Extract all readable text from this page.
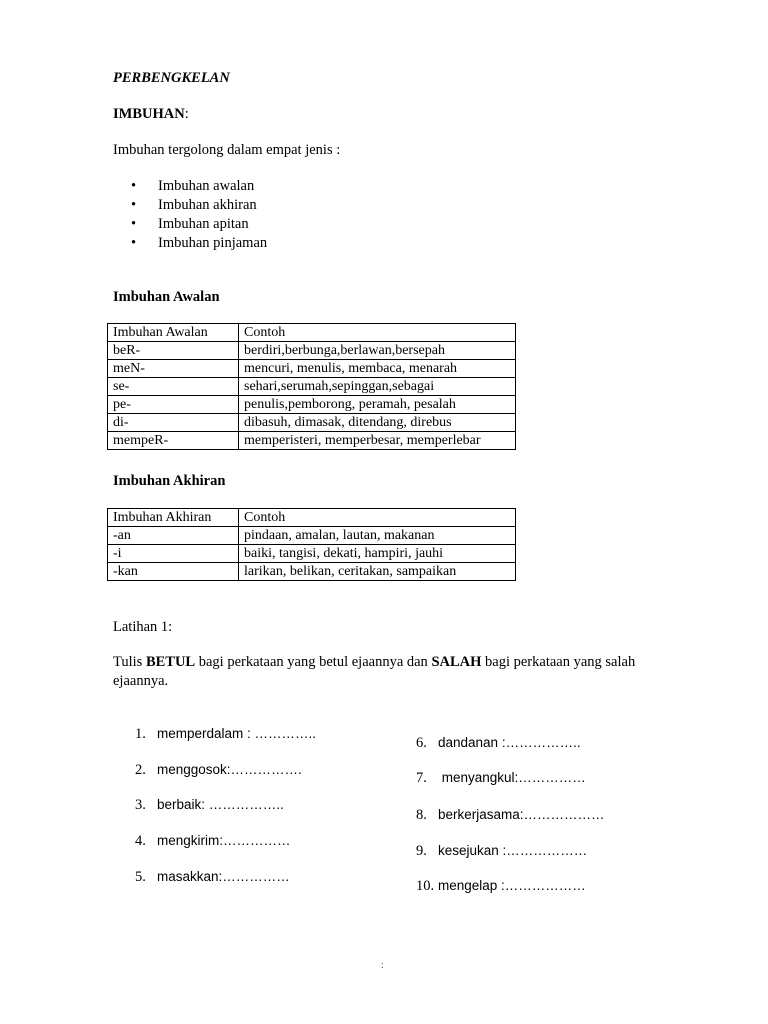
PERBENGKELAN
IMBUHAN:
Imbuhan tergolong dalam empat jenis :
• Imbuhan awalan
• Imbuhan akhiran
• Imbuhan apitan
• Imbuhan pinjaman
Imbuhan Awalan
Imbuhan Awalan	Contoh
beR-	berdiri,berbunga,berlawan,bersepah
meN-	mencuri, menulis, membaca, menarah
se-	sehari,serumah,sepinggan,sebagai
pe-	penulis,pemborong, peramah, pesalah
di-	dibasuh, dimasak, ditendang, direbus
mempeR-	memperisteri, memperbesar, memperlebar
Imbuhan Akhiran
Imbuhan Akhiran	Contoh
-an	pindaan, amalan, lautan, makanan
-i	baiki, tangisi, dekati, hampiri, jauhi
-kan	larikan, belikan, ceritakan, sampaikan
Latihan 1:
Tulis BETUL bagi perkataan yang betul ejaannya dan SALAH bagi perkataan yang salah ejaannya.
1. memperdalam : …………..
2. menggosok:…………….
3. berbaik: ……………..
4. mengkirim:……………
5. masakkan:……………
6. dandanan :……………..
7. menyangkul:……………
8. berkerjasama:………………
9. kesejukan :………………
10. mengelap :………………
:
